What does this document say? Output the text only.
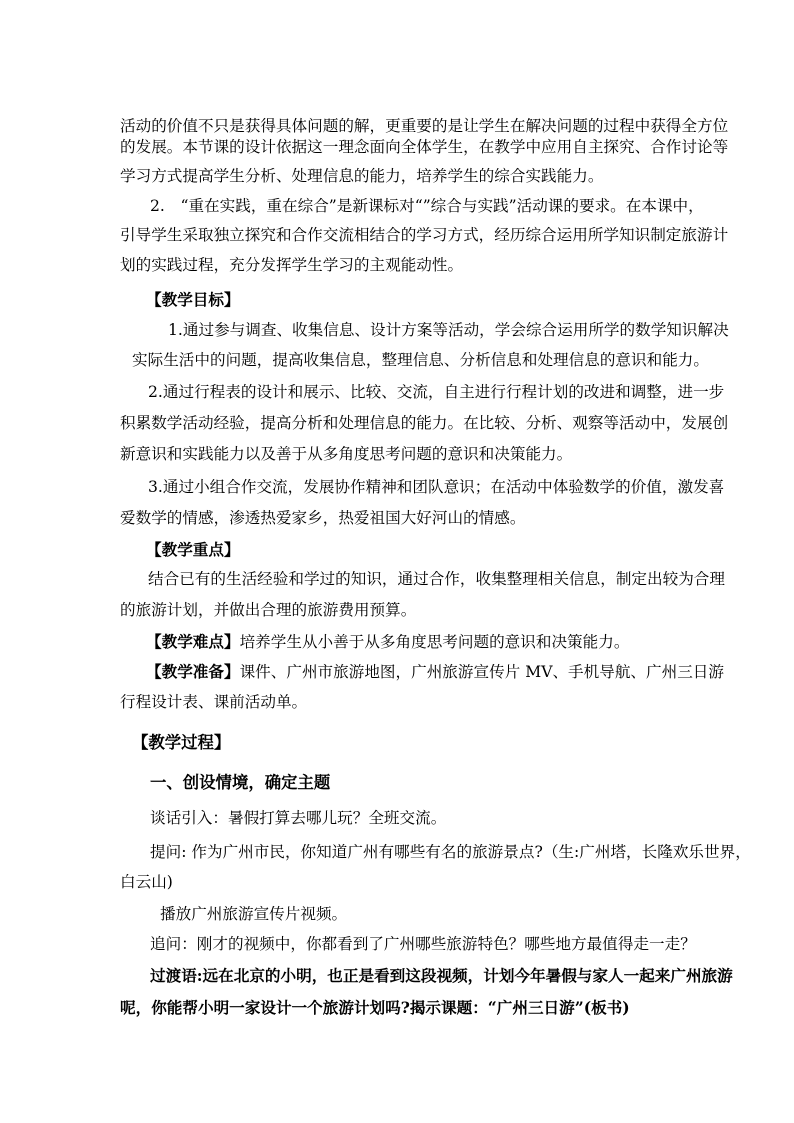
活动的价值不只是获得具体问题的解，更重要的是让学生在解决问题的过程中获得全方位
的发展。本节课的设计依据这一理念面向全体学生，在教学中应用自主探究、合作讨论等
学习方式提高学生分析、处理信息的能力，培养学生的综合实践能力。
2.　“重在实践，重在综合”是新课标对“”综合与实践”活动课的要求。在本课中，
引导学生采取独立探究和合作交流相结合的学习方式，经历综合运用所学知识制定旅游计
划的实践过程，充分发挥学生学习的主观能动性。
【教学目标】
1.通过参与调查、收集信息、设计方案等活动，学会综合运用所学的数学知识解决
实际生活中的问题，提高收集信息，整理信息、分析信息和处理信息的意识和能力。
2.通过行程表的设计和展示、比较、交流，自主进行行程计划的改进和调整，进一步
积累数学活动经验，提高分析和处理信息的能力。在比较、分析、观察等活动中，发展创
新意识和实践能力以及善于从多角度思考问题的意识和决策能力。
3.通过小组合作交流，发展协作精神和团队意识；在活动中体验数学的价值，激发喜
爱数学的情感，渗透热爱家乡，热爱祖国大好河山的情感。
【教学重点】
结合已有的生活经验和学过的知识，通过合作，收集整理相关信息，制定出较为合理
的旅游计划，并做出合理的旅游费用预算。
【教学难点】培养学生从小善于从多角度思考问题的意识和决策能力。
【教学准备】课件、广州市旅游地图，广州旅游宣传片 MV、手机导航、广州三日游
行程设计表、课前活动单。
【教学过程】
一、创设情境，确定主题
谈话引入：暑假打算去哪儿玩？全班交流。
提问: 作为广州市民，你知道广州有哪些有名的旅游景点?（生:广州塔，长隆欢乐世界，
白云山)
播放广州旅游宣传片视频。
追问：刚才的视频中，你都看到了广州哪些旅游特色？哪些地方最值得走一走？
过渡语:远在北京的小明，也正是看到这段视频，计划今年暑假与家人一起来广州旅游
呢，你能帮小明一家设计一个旅游计划吗?揭示课题：“广州三日游”(板书)
